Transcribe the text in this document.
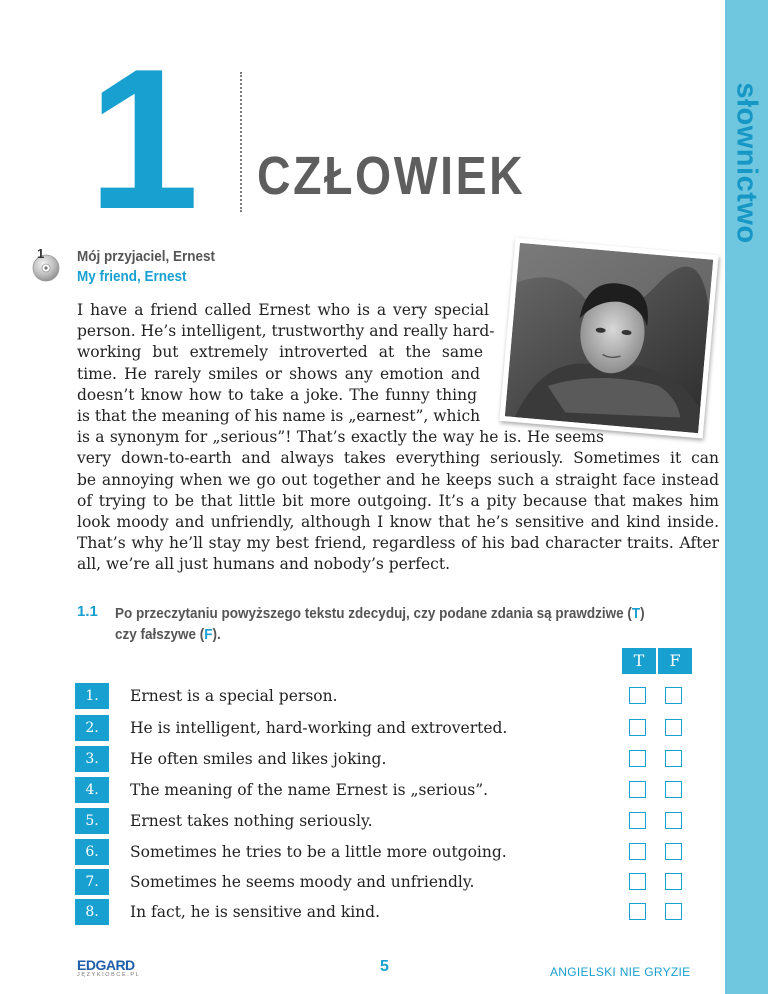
słownictwo
1 CZŁOWIEK
1 Mój przyjaciel, Ernest
My friend, Ernest
I have a friend called Ernest who is a very special
person. He’s intelligent, trustworthy and really hard-
working but extremely introverted at the same
time. He rarely smiles or shows any emotion and
doesn’t know how to take a joke. The funny thing
is that the meaning of his name is „earnest”, which
is a synonym for „serious”! That’s exactly the way he is. He seems
very down-to-earth and always takes everything seriously. Sometimes it can
be annoying when we go out together and he keeps such a straight face instead
of trying to be that little bit more outgoing. It’s a pity because that makes him
look moody and unfriendly, although I know that he’s sensitive and kind inside.
That’s why he’ll stay my best friend, regardless of his bad character traits. After
all, we’re all just humans and nobody’s perfect.
1.1 Po przeczytaniu powyższego tekstu zdecyduj, czy podane zdania są prawdziwe (T)
czy fałszywe (F).
T	F
1.	Ernest is a special person.
2.	He is intelligent, hard-working and extroverted.
3.	He often smiles and likes joking.
4.	The meaning of the name Ernest is „serious”.
5.	Ernest takes nothing seriously.
6.	Sometimes he tries to be a little more outgoing.
7.	Sometimes he seems moody and unfriendly.
8.	In fact, he is sensitive and kind.
EDGARD
JĘZYKIOBCE.PL	5	ANGIELSKI NIE GRYZIE
